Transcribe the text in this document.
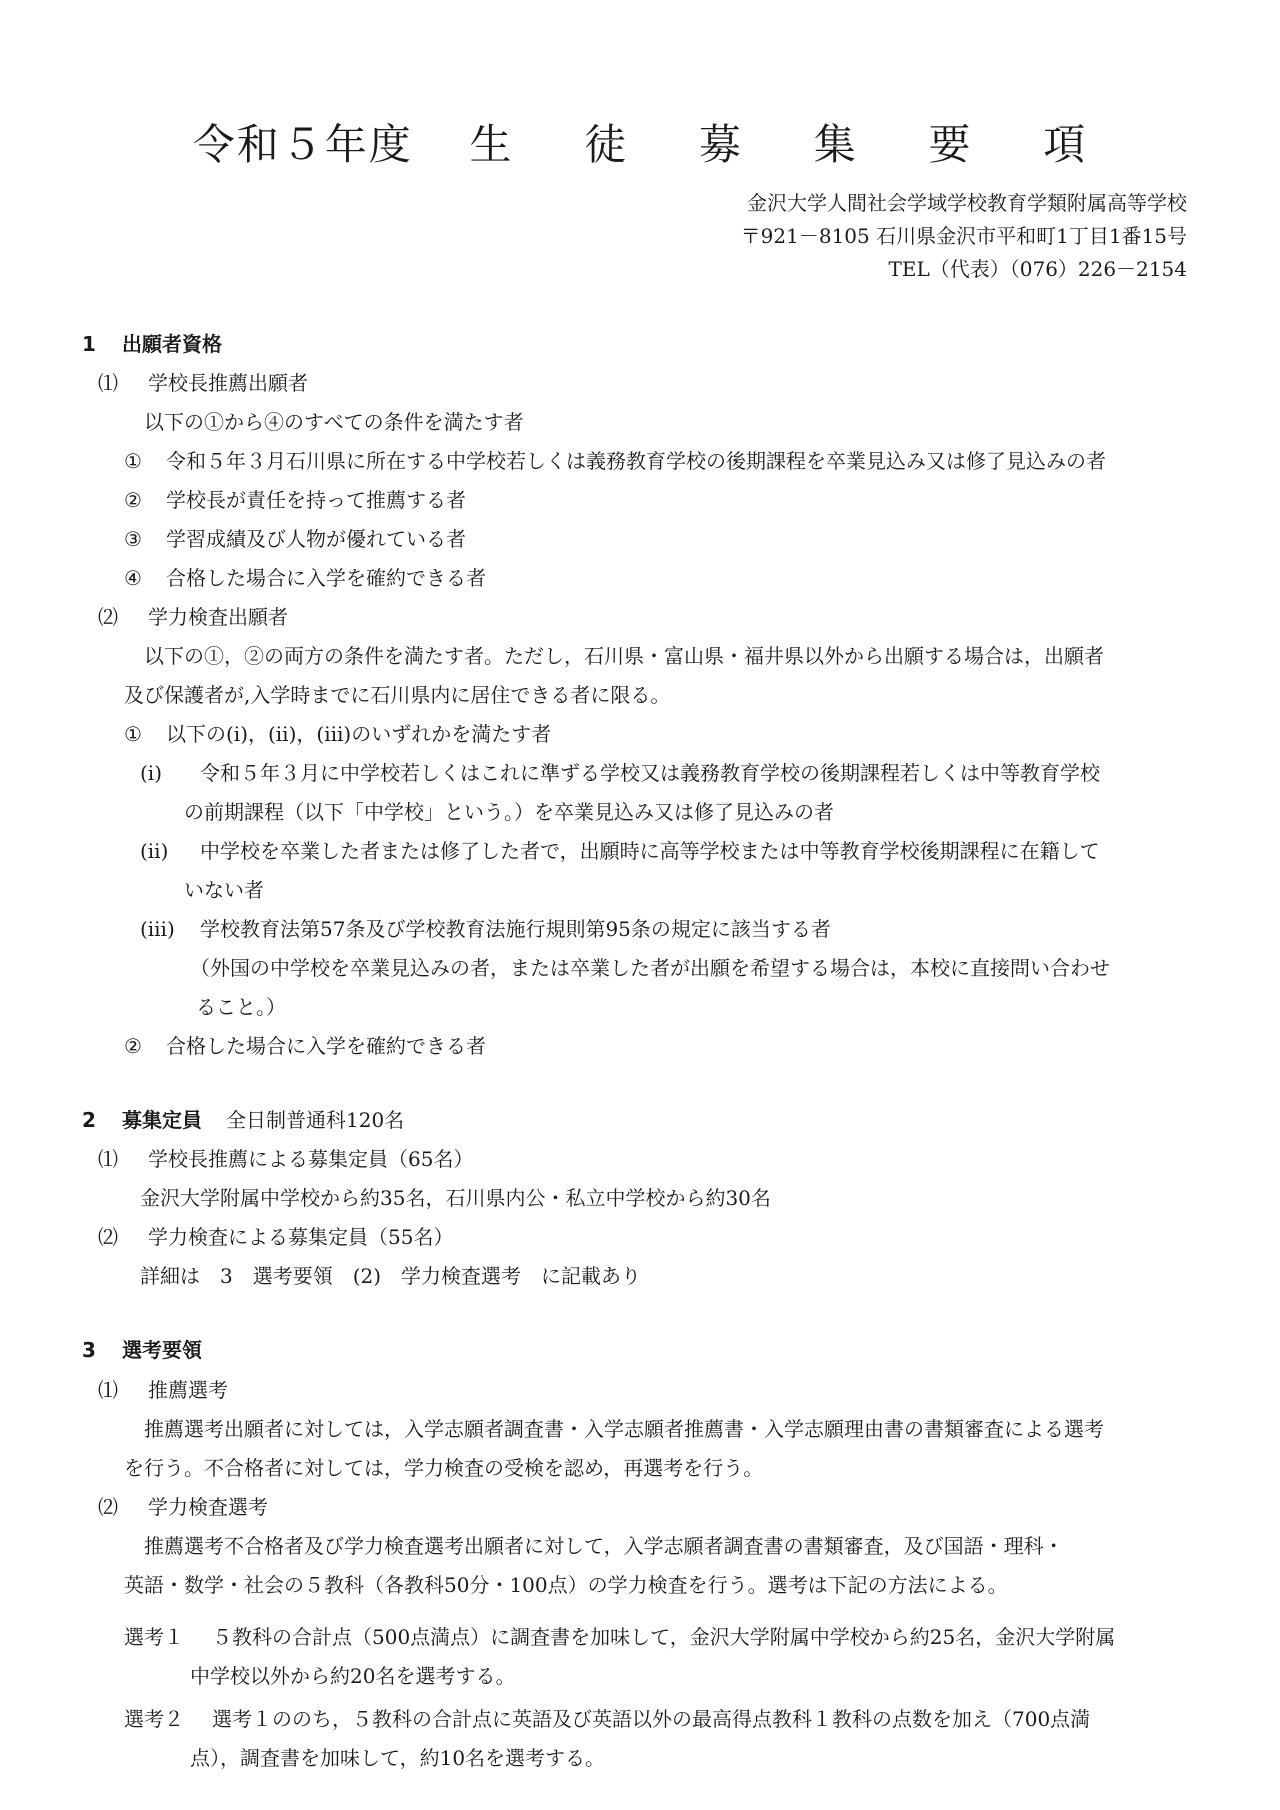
令和５年度 生 徒 募 集 要 項
金沢大学人間社会学域学校教育学類附属高等学校
〒921－8105 石川県金沢市平和町1丁目1番15号
TEL（代表）（076）226－2154
1 出願者資格
⑴ 学校長推薦出願者
以下の①から④のすべての条件を満たす者
① 令和５年３月石川県に所在する中学校若しくは義務教育学校の後期課程を卒業見込み又は修了見込みの者
② 学校長が責任を持って推薦する者
③ 学習成績及び人物が優れている者
④ 合格した場合に入学を確約できる者
⑵ 学力検査出願者
以下の①，②の両方の条件を満たす者。ただし，石川県・富山県・福井県以外から出願する場合は，出願者
及び保護者が,入学時までに石川県内に居住できる者に限る。
① 以下の(ⅰ)，(ⅱ)，(ⅲ)のいずれかを満たす者
(ⅰ) 令和５年３月に中学校若しくはこれに準ずる学校又は義務教育学校の後期課程若しくは中等教育学校
の前期課程（以下「中学校」という。）を卒業見込み又は修了見込みの者
(ⅱ) 中学校を卒業した者または修了した者で，出願時に高等学校または中等教育学校後期課程に在籍して
いない者
(ⅲ) 学校教育法第57条及び学校教育法施行規則第95条の規定に該当する者
（外国の中学校を卒業見込みの者，または卒業した者が出願を希望する場合は，本校に直接問い合わせ
ること。）
② 合格した場合に入学を確約できる者
2 募集定員 全日制普通科120名
⑴ 学校長推薦による募集定員（65名）
金沢大学附属中学校から約35名，石川県内公・私立中学校から約30名
⑵ 学力検査による募集定員（55名）
詳細は　3　選考要領　(2)　学力検査選考　に記載あり
3 選考要領
⑴ 推薦選考
推薦選考出願者に対しては，入学志願者調査書・入学志願者推薦書・入学志願理由書の書類審査による選考
を行う。不合格者に対しては，学力検査の受検を認め，再選考を行う。
⑵ 学力検査選考
推薦選考不合格者及び学力検査選考出願者に対して，入学志願者調査書の書類審査，及び国語・理科・
英語・数学・社会の５教科（各教科50分・100点）の学力検査を行う。選考は下記の方法による。
選考１ ５教科の合計点（500点満点）に調査書を加味して，金沢大学附属中学校から約25名，金沢大学附属
中学校以外から約20名を選考する。
選考２ 選考１ののち，５教科の合計点に英語及び英語以外の最高得点教科１教科の点数を加え（700点満
点），調査書を加味して，約10名を選考する。
